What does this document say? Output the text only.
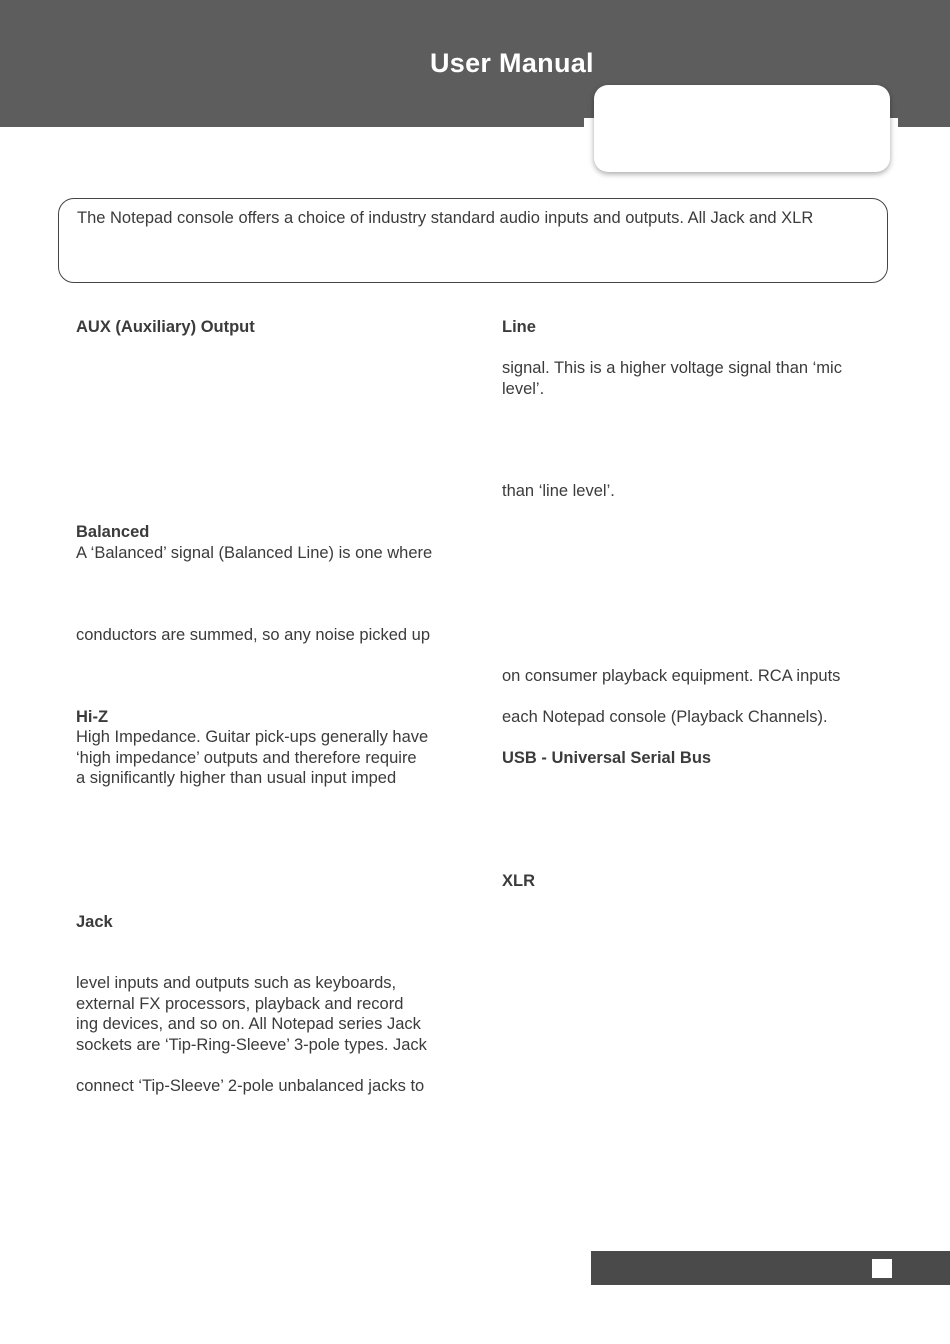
User Manual
The Notepad console offers a choice of industry standard audio inputs and outputs. All Jack and XLR
AUX (Auxiliary) Output
Balanced
A ‘Balanced’ signal (Balanced Line) is one where
conductors are summed, so any noise picked up
Hi-Z
High Impedance. Guitar pick-ups generally have
‘high impedance’ outputs and therefore require
a significantly higher than usual input imped
Jack
level inputs and outputs such as keyboards,
external FX processors, playback and record
ing devices, and so on. All Notepad series Jack
sockets are ‘Tip-Ring-Sleeve’ 3-pole types. Jack
connect ‘Tip-Sleeve’ 2-pole unbalanced jacks to
Line
signal. This is a higher voltage signal than ‘mic
level’.
than ‘line level’.
on consumer playback equipment. RCA inputs
each Notepad console (Playback Channels).
USB - Universal Serial Bus
XLR
